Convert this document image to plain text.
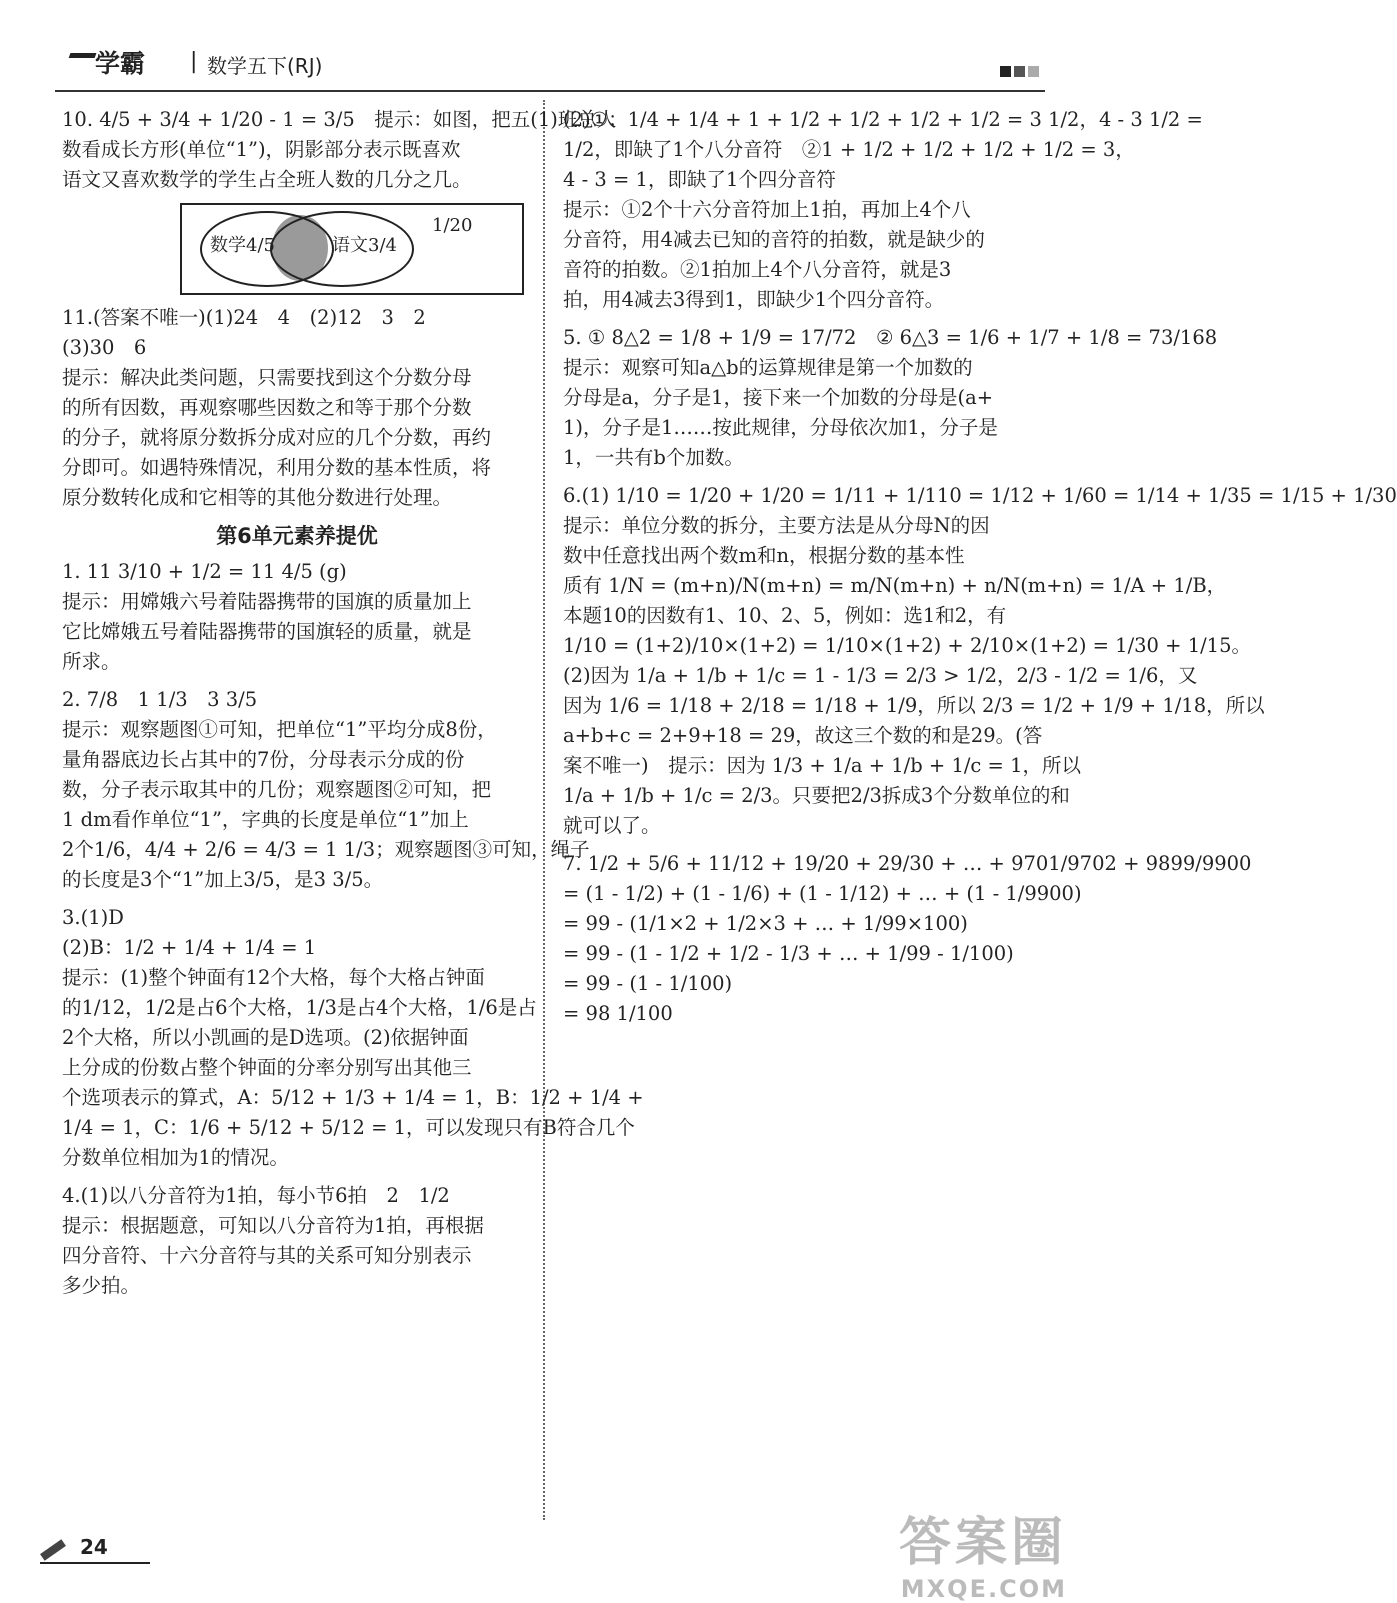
学霸 | 数学五下(RJ)
10. 4/5 + 3/4 + 1/20 - 1 = 3/5　提示：如图，把五(1)班总人
数看成长方形(单位“1”)，阴影部分表示既喜欢
语文又喜欢数学的学生占全班人数的几分之几。
数学4/5	语文3/4
1/20
11.(答案不唯一)(1)24　4　(2)12　3　2
(3)30　6
提示：解决此类问题，只需要找到这个分数分母
的所有因数，再观察哪些因数之和等于那个分数
的分子，就将原分数拆分成对应的几个分数，再约
分即可。如遇特殊情况，利用分数的基本性质，将
原分数转化成和它相等的其他分数进行处理。
第6单元素养提优
1. 11 3/10 + 1/2 = 11 4/5 (g)
提示：用嫦娥六号着陆器携带的国旗的质量加上
它比嫦娥五号着陆器携带的国旗轻的质量，就是
所求。
2. 7/8　1 1/3　3 3/5
提示：观察题图①可知，把单位“1”平均分成8份，
量角器底边长占其中的7份，分母表示分成的份
数，分子表示取其中的几份；观察题图②可知，把
1 dm看作单位“1”，字典的长度是单位“1”加上
2个1/6，4/4 + 2/6 = 4/3 = 1 1/3；观察题图③可知，绳子
的长度是3个“1”加上3/5，是3 3/5。
3.(1)D
(2)B：1/2 + 1/4 + 1/4 = 1
提示：(1)整个钟面有12个大格，每个大格占钟面
的1/12，1/2是占6个大格，1/3是占4个大格，1/6是占
2个大格，所以小凯画的是D选项。(2)依据钟面
上分成的份数占整个钟面的分率分别写出其他三
个选项表示的算式，A：5/12 + 1/3 + 1/4 = 1，B：1/2 + 1/4 +
1/4 = 1，C：1/6 + 5/12 + 5/12 = 1，可以发现只有B符合几个
分数单位相加为1的情况。
4.(1)以八分音符为1拍，每小节6拍　2　1/2
提示：根据题意，可知以八分音符为1拍，再根据
四分音符、十六分音符与其的关系可知分别表示
多少拍。
(2)①：1/4 + 1/4 + 1 + 1/2 + 1/2 + 1/2 + 1/2 = 3 1/2，4 - 3 1/2 =
1/2，即缺了1个八分音符　②1 + 1/2 + 1/2 + 1/2 + 1/2 = 3，
4 - 3 = 1，即缺了1个四分音符
提示：①2个十六分音符加上1拍，再加上4个八
分音符，用4减去已知的音符的拍数，就是缺少的
音符的拍数。②1拍加上4个八分音符，就是3
拍，用4减去3得到1，即缺少1个四分音符。
5. ① 8△2 = 1/8 + 1/9 = 17/72　② 6△3 = 1/6 + 1/7 + 1/8 = 73/168
提示：观察可知a△b的运算规律是第一个加数的
分母是a，分子是1，接下来一个加数的分母是(a+
1)，分子是1……按此规律，分母依次加1，分子是
1，一共有b个加数。
6.(1) 1/10 = 1/20 + 1/20 = 1/11 + 1/110 = 1/12 + 1/60 = 1/14 + 1/35 = 1/15 + 1/30
提示：单位分数的拆分，主要方法是从分母N的因
数中任意找出两个数m和n，根据分数的基本性
质有 1/N = (m+n)/N(m+n) = m/N(m+n) + n/N(m+n) = 1/A + 1/B，
本题10的因数有1、10、2、5，例如：选1和2，有
1/10 = (1+2)/10×(1+2) = 1/10×(1+2) + 2/10×(1+2) = 1/30 + 1/15。
(2)因为 1/a + 1/b + 1/c = 1 - 1/3 = 2/3 > 1/2，2/3 - 1/2 = 1/6，又
因为 1/6 = 1/18 + 2/18 = 1/18 + 1/9，所以 2/3 = 1/2 + 1/9 + 1/18，所以
a+b+c = 2+9+18 = 29，故这三个数的和是29。(答
案不唯一)　提示：因为 1/3 + 1/a + 1/b + 1/c = 1，所以
1/a + 1/b + 1/c = 2/3。只要把2/3拆成3个分数单位的和
就可以了。
7. 1/2 + 5/6 + 11/12 + 19/20 + 29/30 + … + 9701/9702 + 9899/9900
= (1 - 1/2) + (1 - 1/6) + (1 - 1/12) + … + (1 - 1/9900)
= 99 - (1/1×2 + 1/2×3 + … + 1/99×100)
= 99 - (1 - 1/2 + 1/2 - 1/3 + … + 1/99 - 1/100)
= 99 - (1 - 1/100)
= 98 1/100
24	答案圈
MXQE.COM
